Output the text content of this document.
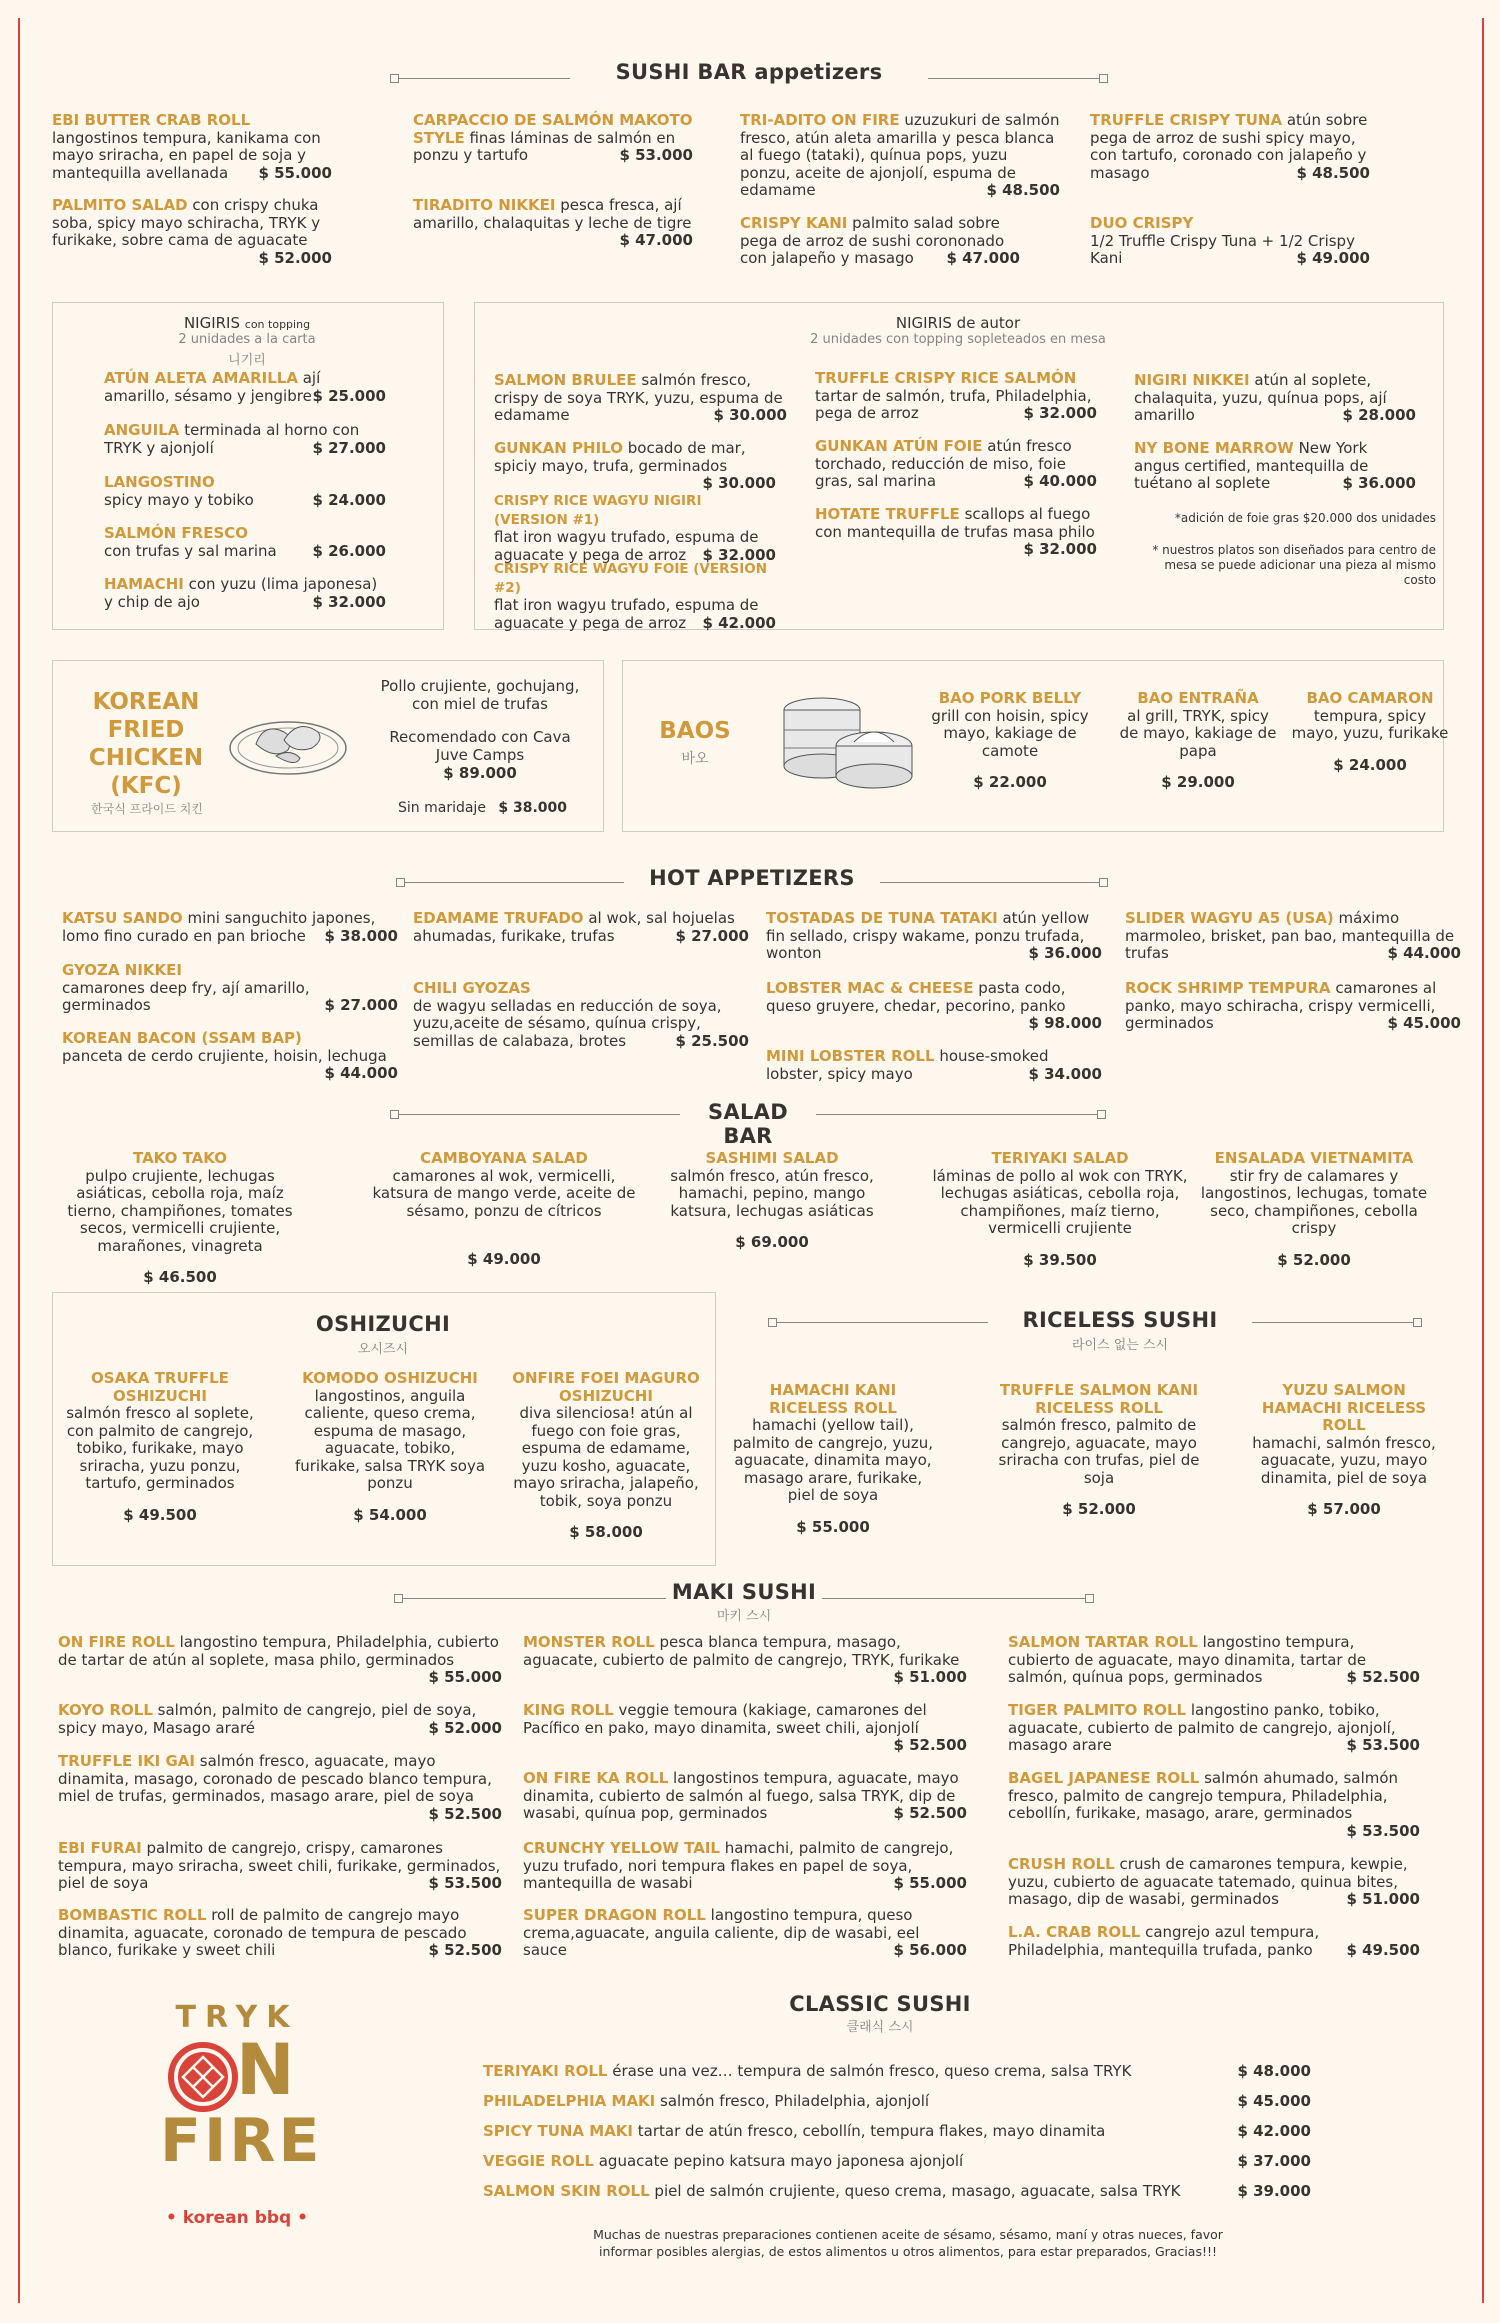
SUSHI BAR appetizers
EBI BUTTER CRAB ROLL langostinos tempura, kanikama con mayo sriracha, en papel de soja y mantequilla avellanada $ 55.000
PALMITO SALAD con crispy chuka soba, spicy mayo schiracha, TRYK y furikake, sobre cama de aguacate
$ 52.000
CARPACCIO DE SALMÓN MAKOTO STYLE finas láminas de salmón en ponzu y tartufo	$ 53.000
TIRADITO NIKKEI pesca fresca, ají amarillo, chalaquitas y leche de tigre
$ 47.000
TRI-ADITO ON FIRE uzuzukuri de salmón fresco, atún aleta amarilla y pesca blanca al fuego (tataki), quínua pops, yuzu ponzu, aceite de ajonjolí, espuma de edamame	$ 48.500
CRISPY KANI palmito salad sobre pega de arroz de sushi corononado con jalapeño y masago $ 47.000
TRUFFLE CRISPY TUNA atún sobre pega de arroz de sushi spicy mayo, con tartufo, coronado con jalapeño y masago	$ 48.500
DUO CRISPY
1/2 Truffle Crispy Tuna + 1/2 Crispy Kani	$ 49.000
NIGIRIS con topping
2 unidades a la carta
니기리
ATÚN ALETA AMARILLA ají amarillo, sésamo y jengibre $ 25.000
ANGUILA terminada al horno con TRYK y ajonjolí	$ 27.000
LANGOSTINO
spicy mayo y tobiko	$ 24.000
SALMÓN FRESCO
con trufas y sal marina $ 26.000
HAMACHI con yuzu (lima japonesa) y chip de ajo	$ 32.000
NIGIRIS de autor
2 unidades con topping sopleteados en mesa
SALMON BRULEE salmón fresco, crispy de soya TRYK, yuzu, espuma de edamame	$ 30.000
GUNKAN PHILO bocado de mar, spiciy mayo, trufa, germinados
$ 30.000
CRISPY RICE WAGYU NIGIRI (VERSION #1)
flat iron wagyu trufado, espuma de aguacate y pega de arroz $ 32.000
CRISPY RICE WAGYU FOIE (VERSION #2)
flat iron wagyu trufado, espuma de aguacate y pega de arroz $ 42.000
TRUFFLE CRISPY RICE SALMÓN
tartar de salmón, trufa, Philadelphia, pega de arroz	$ 32.000
GUNKAN ATÚN FOIE atún fresco torchado, reducción de miso, foie gras, sal marina	$ 40.000
HOTATE TRUFFLE scallops al fuego con mantequilla de trufas masa philo
$ 32.000
NIGIRI NIKKEI atún al soplete, chalaquita, yuzu, quínua pops, ají amarillo	$ 28.000
NY BONE MARROW New York angus certified, mantequilla de tuétano al soplete	$ 36.000
*adición de foie gras $20.000 dos unidades
* nuestros platos son diseñados para centro de mesa se puede adicionar una pieza al mismo costo
KOREAN FRIED CHICKEN (KFC)
한국식 프라이드 치킨
Pollo crujiente, gochujang, con miel de trufas
Recomendado con Cava Juve Camps
$ 89.000
Sin maridaje $ 38.000
BAOS
바오
BAO PORK BELLY
grill con hoisin, spicy mayo, kakiage de camote
$ 22.000
BAO ENTRAÑA
al grill, TRYK, spicy de mayo, kakiage de papa
$ 29.000
BAO CAMARON
tempura, spicy mayo, yuzu, furikake
$ 24.000
HOT APPETIZERS
KATSU SANDO mini sanguchito japones, lomo fino curado en pan brioche $ 38.000
GYOZA NIKKEI
camarones deep fry, ají amarillo, germinados	$ 27.000
KOREAN BACON (SSAM BAP)
panceta de cerdo crujiente, hoisin, lechuga
$ 44.000
EDAMAME TRUFADO al wok, sal hojuelas ahumadas, furikake, trufas	$ 27.000
CHILI GYOZAS
de wagyu selladas en reducción de soya, yuzu,aceite de sésamo, quínua crispy, semillas de calabaza, brotes	$ 25.500
TOSTADAS DE TUNA TATAKI atún yellow fin sellado, crispy wakame, ponzu trufada, wonton	$ 36.000
LOBSTER MAC & CHEESE pasta codo, queso gruyere, chedar, pecorino, panko
$ 98.000
MINI LOBSTER ROLL house-smoked lobster, spicy mayo	$ 34.000
SLIDER WAGYU A5 (USA) máximo marmoleo, brisket, pan bao, mantequilla de trufas	$ 44.000
ROCK SHRIMP TEMPURA camarones al panko, mayo schiracha, crispy vermicelli, germinados	$ 45.000
SALAD BAR
TAKO TAKO
pulpo crujiente, lechugas asiáticas, cebolla roja, maíz tierno, champiñones, tomates secos, vermicelli crujiente, marañones, vinagreta
$ 46.500
CAMBOYANA SALAD
camarones al wok, vermicelli, katsura de mango verde, aceite de sésamo, ponzu de cítricos
$ 49.000
SASHIMI SALAD
salmón fresco, atún fresco, hamachi, pepino, mango katsura, lechugas asiáticas
$ 69.000
TERIYAKI SALAD
láminas de pollo al wok con TRYK, lechugas asiáticas, cebolla roja, champiñones, maíz tierno, vermicelli crujiente
$ 39.500
ENSALADA VIETNAMITA
stir fry de calamares y langostinos, lechugas, tomate seco, champiñones, cebolla crispy
$ 52.000
OSHIZUCHI
오시즈시
OSAKA TRUFFLE OSHIZUCHI
salmón fresco al soplete, con palmito de cangrejo, tobiko, furikake, mayo sriracha, yuzu ponzu, tartufo, germinados
$ 49.500
KOMODO OSHIZUCHI
langostinos, anguila caliente, queso crema, espuma de masago, aguacate, tobiko, furikake, salsa TRYK soya ponzu
$ 54.000
ONFIRE FOEI MAGURO OSHIZUCHI
diva silenciosa! atún al fuego con foie gras, espuma de edamame, yuzu kosho, aguacate, mayo sriracha, jalapeño, tobik, soya ponzu
$ 58.000
RICELESS SUSHI
라이스 없는 스시
HAMACHI KANI RICELESS ROLL
hamachi (yellow tail), palmito de cangrejo, yuzu, aguacate, dinamita mayo, masago arare, furikake, piel de soya
$ 55.000
TRUFFLE SALMON KANI RICELESS ROLL
salmón fresco, palmito de cangrejo, aguacate, mayo sriracha con trufas, piel de soja
$ 52.000
YUZU SALMON HAMACHI RICELESS ROLL
hamachi, salmón fresco, aguacate, yuzu, mayo dinamita, piel de soya
$ 57.000
MAKI SUSHI
마키 스시
ON FIRE ROLL langostino tempura, Philadelphia, cubierto de tartar de atún al soplete, masa philo, germinados
$ 55.000
KOYO ROLL salmón, palmito de cangrejo, piel de soya, spicy mayo, Masago araré	$ 52.000
TRUFFLE IKI GAI salmón fresco, aguacate, mayo dinamita, masago, coronado de pescado blanco tempura, miel de trufas, germinados, masago arare, piel de soya
$ 52.500
EBI FURAI palmito de cangrejo, crispy, camarones tempura, mayo sriracha, sweet chili, furikake, germinados, piel de soya	$ 53.500
BOMBASTIC ROLL roll de palmito de cangrejo mayo dinamita, aguacate, coronado de tempura de pescado blanco, furikake y sweet chili	$ 52.500
MONSTER ROLL pesca blanca tempura, masago, aguacate, cubierto de palmito de cangrejo, TRYK, furikake
$ 51.000
KING ROLL veggie temoura (kakiage, camarones del Pacífico en pako, mayo dinamita, sweet chili, ajonjolí
$ 52.500
ON FIRE KA ROLL langostinos tempura, aguacate, mayo dinamita, cubierto de salmón al fuego, salsa TRYK, dip de wasabi, quínua pop, germinados	$ 52.500
CRUNCHY YELLOW TAIL hamachi, palmito de cangrejo, yuzu trufado, nori tempura flakes en papel de soya, mantequilla de wasabi	$ 55.000
SUPER DRAGON ROLL langostino tempura, queso crema,aguacate, anguila caliente, dip de wasabi, eel sauce	$ 56.000
SALMON TARTAR ROLL langostino tempura, cubierto de aguacate, mayo dinamita, tartar de salmón, quínua pops, germinados	$ 52.500
TIGER PALMITO ROLL langostino panko, tobiko, aguacate, cubierto de palmito de cangrejo, ajonjolí, masago arare	$ 53.500
BAGEL JAPANESE ROLL salmón ahumado, salmón fresco, palmito de cangrejo tempura, Philadelphia, cebollín, furikake, masago, arare, germinados
$ 53.500
CRUSH ROLL crush de camarones tempura, kewpie, yuzu, cubierto de aguacate tatemado, quinua bites, masago, dip de wasabi, germinados	$ 51.000
L.A. CRAB ROLL cangrejo azul tempura, Philadelphia, mantequilla trufada, panko $ 49.500
TRYK
N
FIRE
• korean bbq •
CLASSIC SUSHI
클래식 스시
TERIYAKI ROLL érase una vez… tempura de salmón fresco, queso crema, salsa TRYK	$ 48.000
PHILADELPHIA MAKI salmón fresco, Philadelphia, ajonjolí	$ 45.000
SPICY TUNA MAKI tartar de atún fresco, cebollín, tempura flakes, mayo dinamita	$ 42.000
VEGGIE ROLL aguacate pepino katsura mayo japonesa ajonjolí	$ 37.000
SALMON SKIN ROLL piel de salmón crujiente, queso crema, masago, aguacate, salsa TRYK	$ 39.000
Muchas de nuestras preparaciones contienen aceite de sésamo, sésamo, maní y otras nueces, favor informar posibles alergias, de estos alimentos u otros alimentos, para estar preparados, Gracias!!!
